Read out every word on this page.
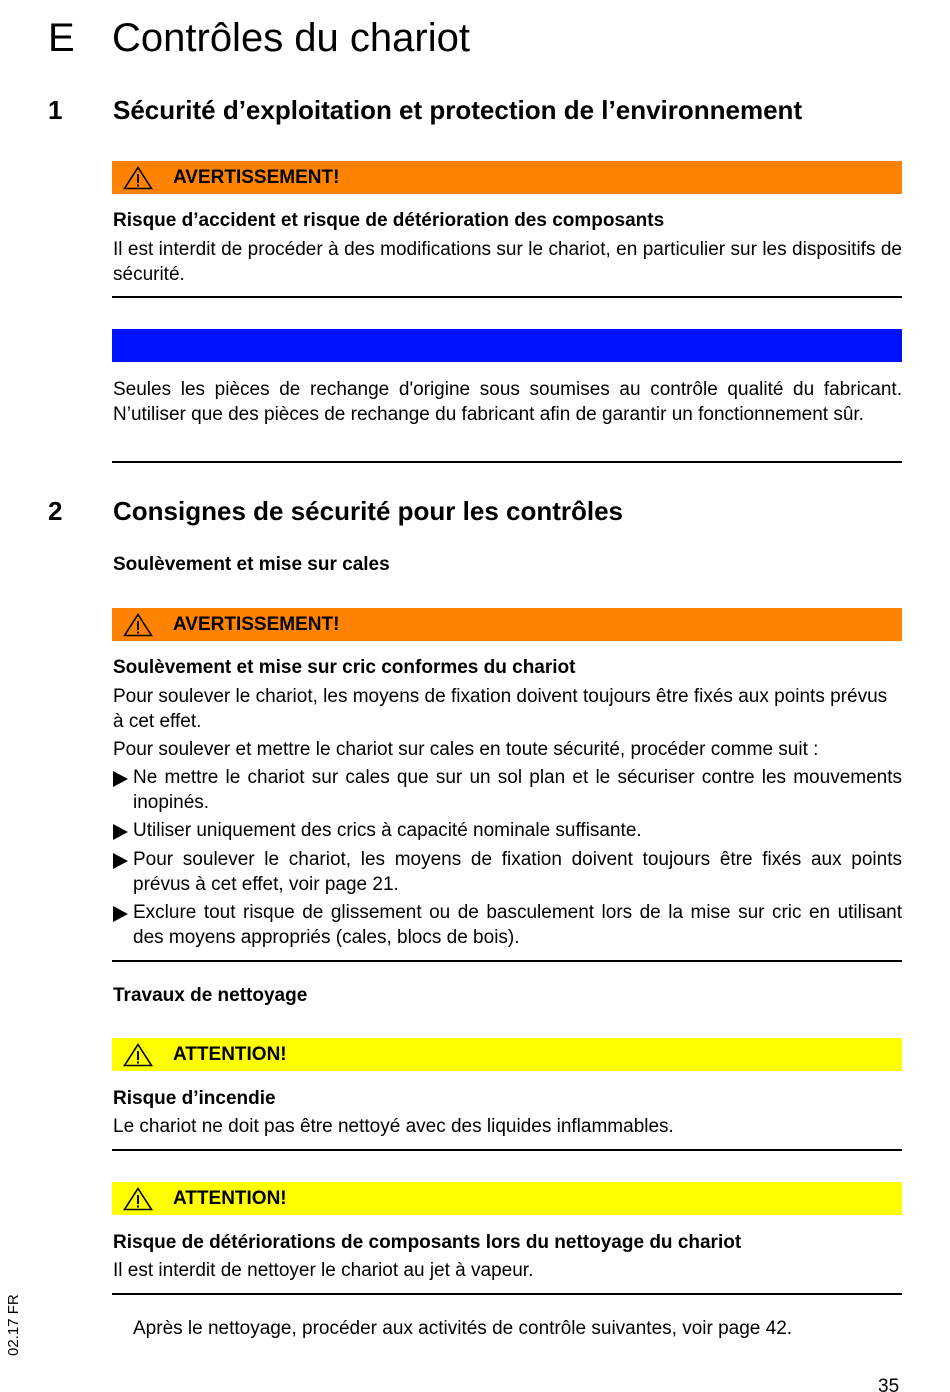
E Contrôles du chariot
1 Sécurité d’exploitation et protection de l’environnement
AVERTISSEMENT!
Risque d’accident et risque de détérioration des composants
Il est interdit de procéder à des modifications sur le chariot, en particulier sur les dispositifs de sécurité.
Seules les pièces de rechange d'origine sous soumises au contrôle qualité du fabricant. N’utiliser que des pièces de rechange du fabricant afin de garantir un fonctionnement sûr.
2 Consignes de sécurité pour les contrôles
Soulèvement et mise sur cales
AVERTISSEMENT!
Soulèvement et mise sur cric conformes du chariot
Pour soulever le chariot, les moyens de fixation doivent toujours être fixés aux points prévus à cet effet.
Pour soulever et mettre le chariot sur cales en toute sécurité, procéder comme suit :
Ne mettre le chariot sur cales que sur un sol plan et le sécuriser contre les mouvements inopinés.
Utiliser uniquement des crics à capacité nominale suffisante.
Pour soulever le chariot, les moyens de fixation doivent toujours être fixés aux points prévus à cet effet, voir page 21.
Exclure tout risque de glissement ou de basculement lors de la mise sur cric en utilisant des moyens appropriés (cales, blocs de bois).
Travaux de nettoyage
ATTENTION!
Risque d’incendie
Le chariot ne doit pas être nettoyé avec des liquides inflammables.
ATTENTION!
Risque de détériorations de composants lors du nettoyage du chariot
Il est interdit de nettoyer le chariot au jet à vapeur.
Après le nettoyage, procéder aux activités de contrôle suivantes, voir page 42.
02.17 FR
35
